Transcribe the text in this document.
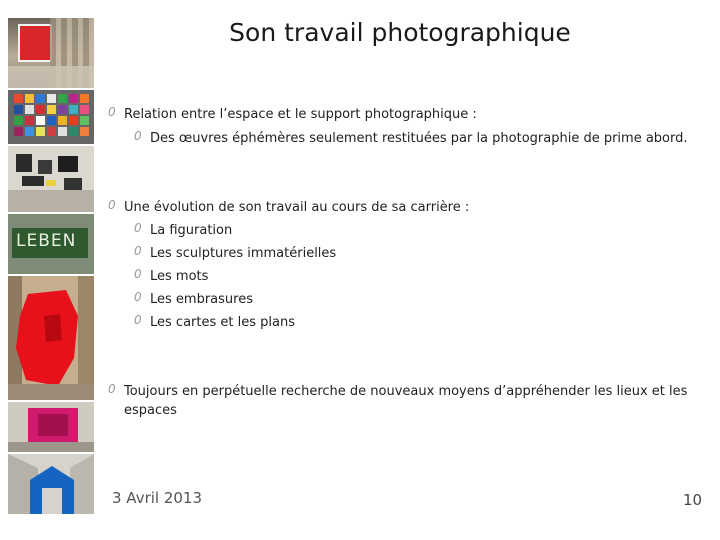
LEBEN
Son travail photographique
0 Relation entre l’espace et le support photographique :
0 Des œuvres éphémères seulement restituées par la photographie de prime abord.
0 Une évolution de son travail au cours de sa carrière :
0 La figuration
0 Les sculptures immatérielles
0 Les mots
0 Les embrasures
0 Les cartes et les plans
0 Toujours en perpétuelle recherche de nouveaux moyens d’appréhender les lieux et les
espaces
3 Avril 2013	10
